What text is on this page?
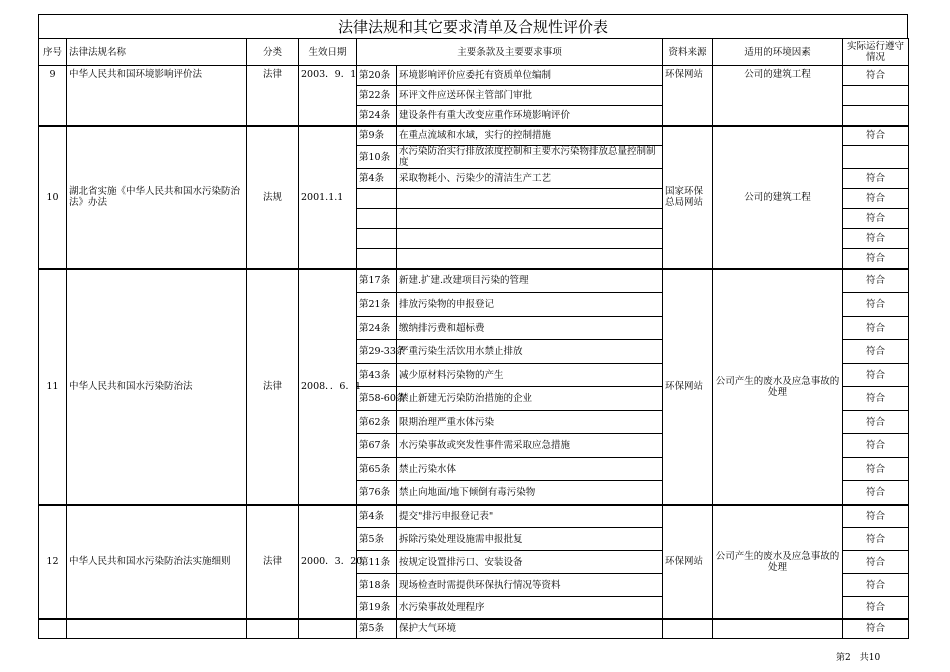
法律法规和其它要求清单及合规性评价表
序号	法律法规名称	分类	生效日期	主要条款及主要要求事项		资料来源	适用的环境因素	实际运行遵守情况
9	中华人民共和国环境影响评价法	法律	2003．9．1	第20条	环境影响评价应委托有资质单位编制	环保网站	公司的建筑工程	符合
				第22条	环评文件应送环保主管部门审批			
				第24条	建设条件有重大改变应重作环境影响评价			
10	湖北省实施《中华人民共和国水污染防治法》办法	法规	2001.1.1	第9条	在重点流域和水域，实行的控制措施	国家环保总局网站	公司的建筑工程	符合
				第10条	水污染防治实行排放浓度控制和主要水污染物排放总量控制制度			
				第4条	采取物耗小、污染少的清洁生产工艺			符合
								符合
								符合
								符合
								符合
11	中华人民共和国水污染防治法	法律	2008．．6．1	第17条	新建.扩建.改建项目污染的管理	环保网站	公司产生的废水及应急事故的处理	符合
				第21条	排放污染物的申报登记			符合
				第24条	缴纳排污费和超标费			符合
				第29-33条	严重污染生活饮用水禁止排放			符合
				第43条	减少原材料污染物的产生			符合
				第58-60条	禁止新建无污染防治措施的企业			符合
				第62条	限期治理严重水体污染			符合
				第67条	水污染事故或突发性事件需采取应急措施			符合
				第65条	禁止污染水体			符合
				第76条	禁止向地面/地下倾倒有毒污染物			符合
12	中华人民共和国水污染防治法实施细则	法律	2000．3．20	第4条	提交"排污申报登记表"	环保网站	公司产生的废水及应急事故的处理	符合
				第5条	拆除污染处理设施需申报批复			符合
				第11条	按规定设置排污口、安装设备			符合
				第18条	现场检查时需提供环保执行情况等资料			符合
				第19条	水污染事故处理程序			符合
				第5条	保护大气环境			符合
第2　共10
